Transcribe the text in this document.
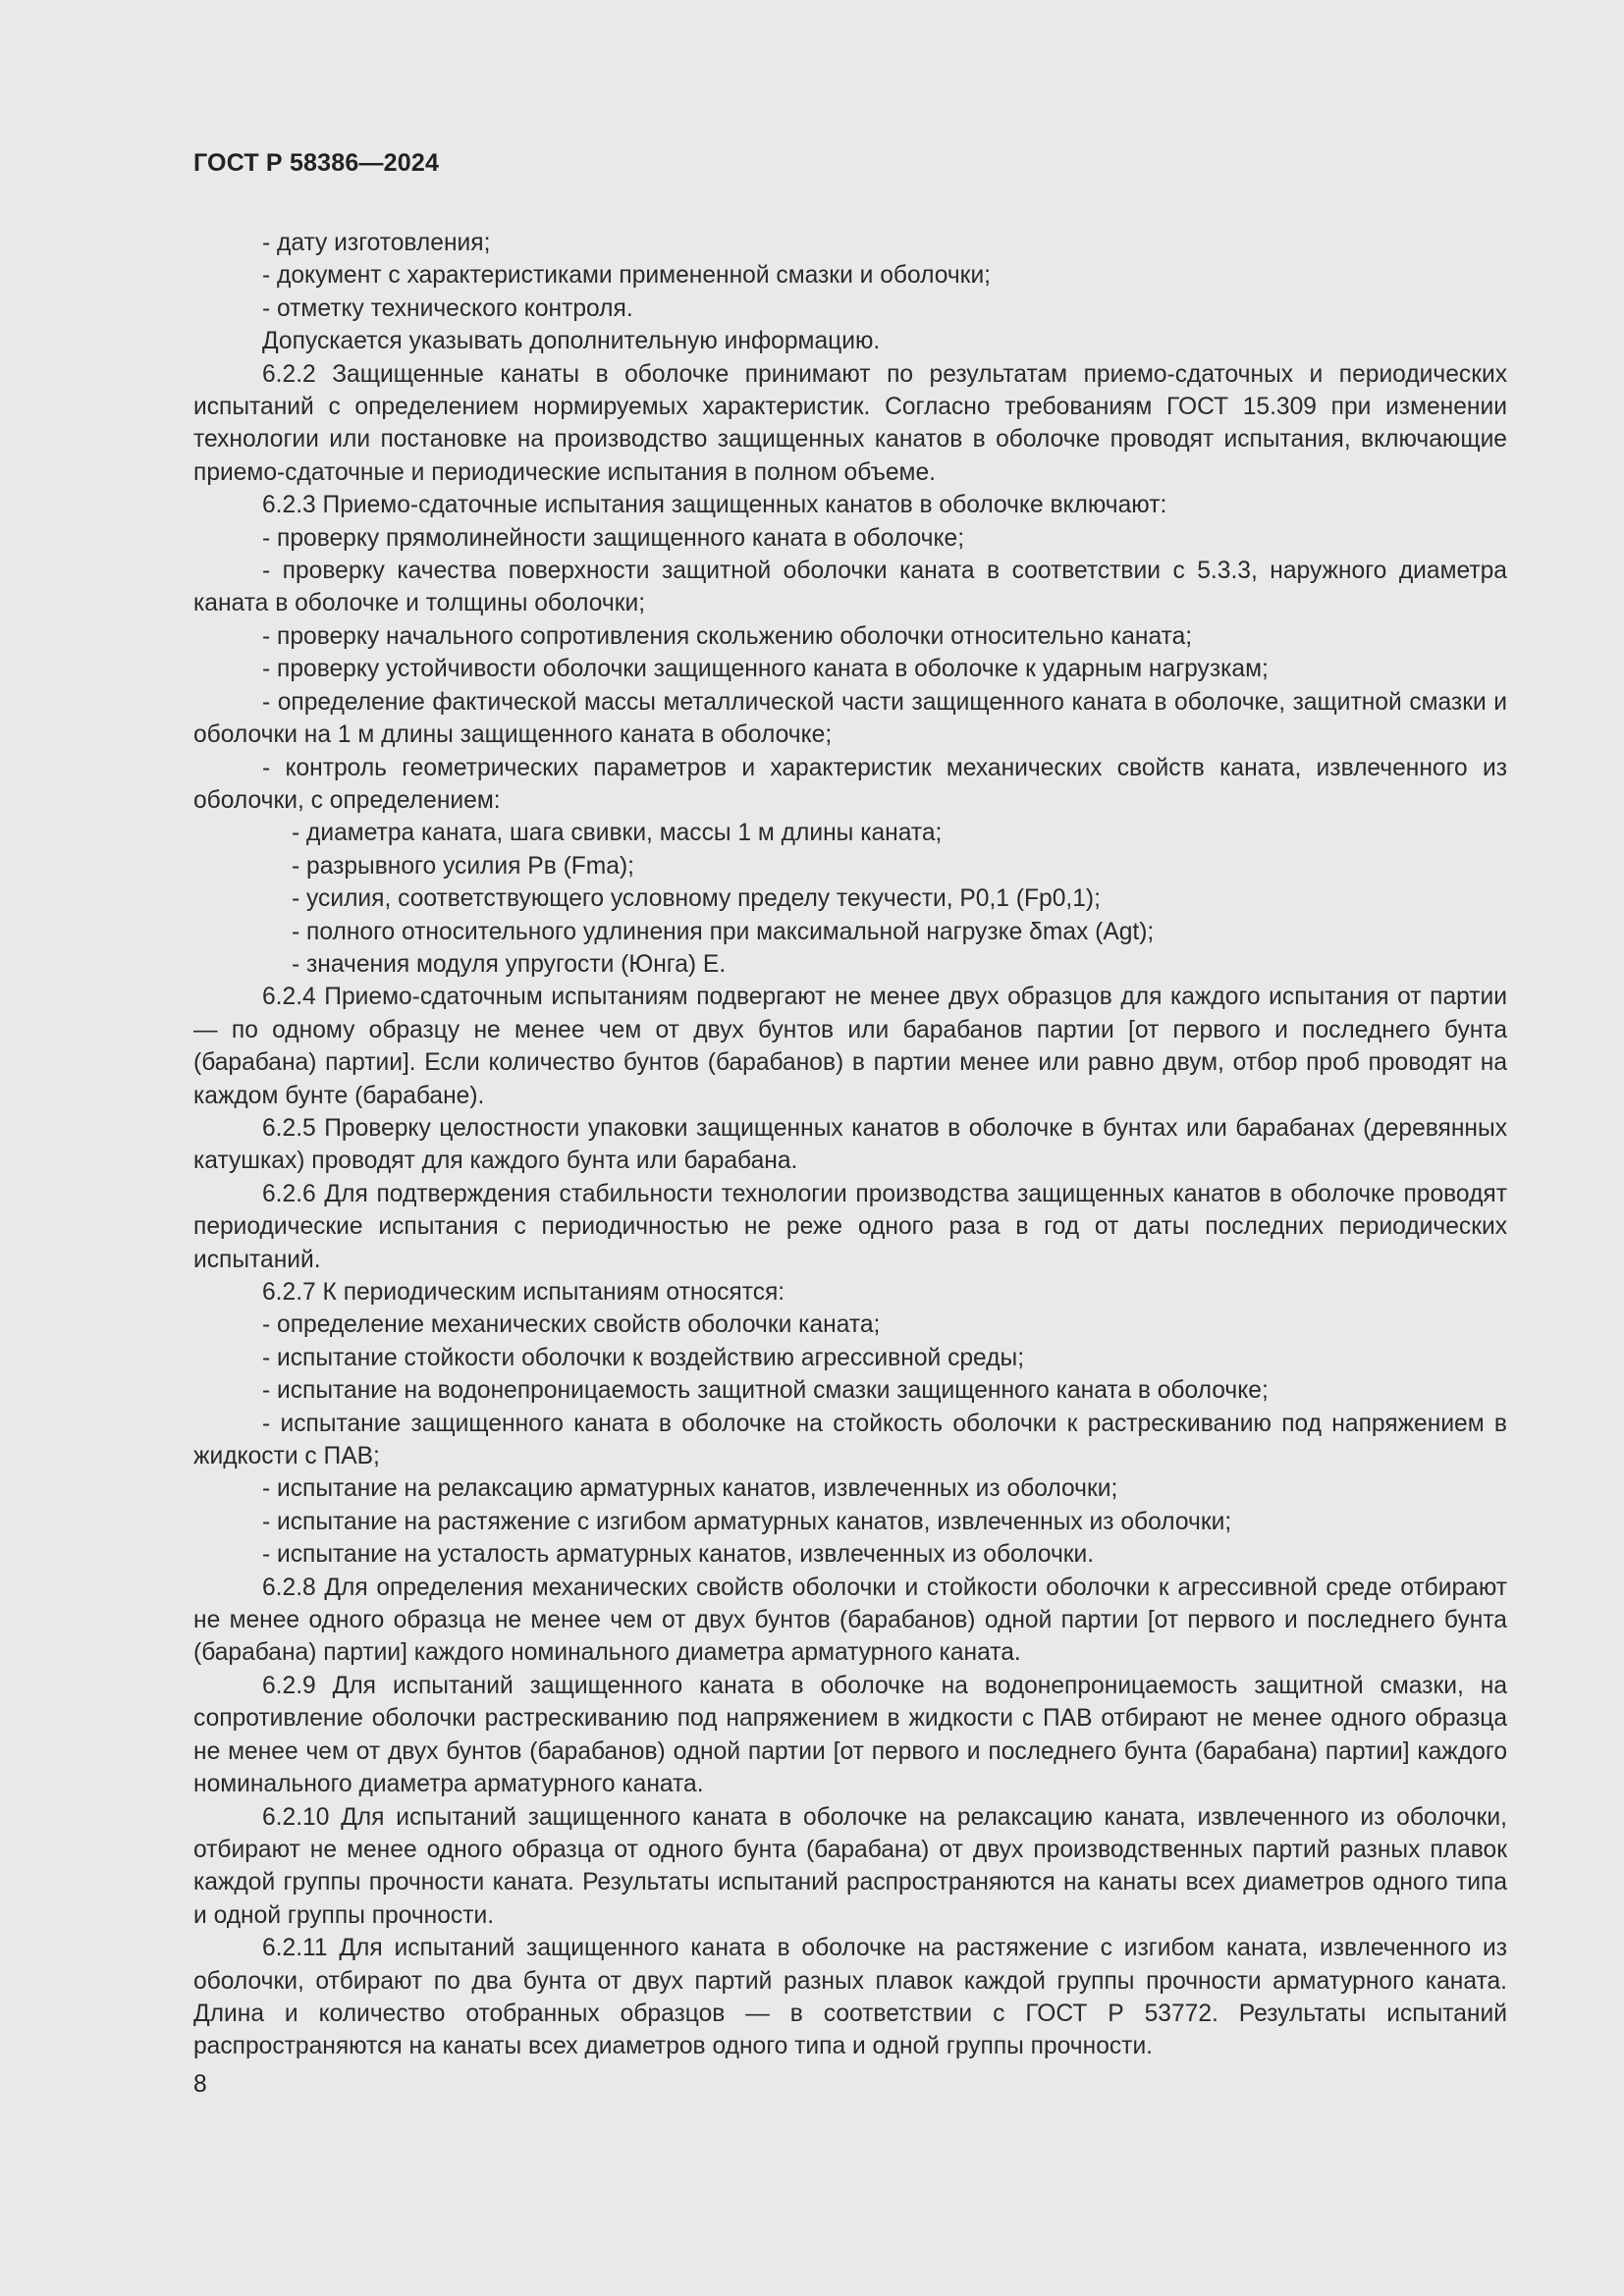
ГОСТ Р 58386—2024

- дату изготовления;

- документ с характеристиками примененной смазки и оболочки;

- отметку технического контроля.

Допускается указывать дополнительную информацию.

6.2.2 Защищенные канаты в оболочке принимают по результатам приемо-сдаточных и периодических испытаний с определением нормируемых характеристик. Согласно требованиям ГОСТ 15.309 при изменении технологии или постановке на производство защищенных канатов в оболочке проводят испытания, включающие приемо-сдаточные и периодические испытания в полном объеме.

6.2.3 Приемо-сдаточные испытания защищенных канатов в оболочке включают:

- проверку прямолинейности защищенного каната в оболочке;

- проверку качества поверхности защитной оболочки каната в соответствии с 5.3.3, наружного диаметра каната в оболочке и толщины оболочки;

- проверку начального сопротивления скольжению оболочки относительно каната;

- проверку устойчивости оболочки защищенного каната в оболочке к ударным нагрузкам;

- определение фактической массы металлической части защищенного каната в оболочке, защитной смазки и оболочки на 1 м длины защищенного каната в оболочке;

- контроль геометрических параметров и характеристик механических свойств каната, извлеченного из оболочки, с определением:

- диаметра каната, шага свивки, массы 1 м длины каната;

- разрывного усилия Pв (Fma);

- усилия, соответствующего условному пределу текучести, P0,1 (Fp0,1);

- полного относительного удлинения при максимальной нагрузке δmax (Agt);

- значения модуля упругости (Юнга) E.

6.2.4 Приемо-сдаточным испытаниям подвергают не менее двух образцов для каждого испытания от партии — по одному образцу не менее чем от двух бунтов или барабанов партии [от первого и последнего бунта (барабана) партии]. Если количество бунтов (барабанов) в партии менее или равно двум, отбор проб проводят на каждом бунте (барабане).

6.2.5 Проверку целостности упаковки защищенных канатов в оболочке в бунтах или барабанах (деревянных катушках) проводят для каждого бунта или барабана.

6.2.6 Для подтверждения стабильности технологии производства защищенных канатов в оболочке проводят периодические испытания с периодичностью не реже одного раза в год от даты последних периодических испытаний.

6.2.7 К периодическим испытаниям относятся:

- определение механических свойств оболочки каната;

- испытание стойкости оболочки к воздействию агрессивной среды;

- испытание на водонепроницаемость защитной смазки защищенного каната в оболочке;

- испытание защищенного каната в оболочке на стойкость оболочки к растрескиванию под напряжением в жидкости с ПАВ;

- испытание на релаксацию арматурных канатов, извлеченных из оболочки;

- испытание на растяжение с изгибом арматурных канатов, извлеченных из оболочки;

- испытание на усталость арматурных канатов, извлеченных из оболочки.

6.2.8 Для определения механических свойств оболочки и стойкости оболочки к агрессивной среде отбирают не менее одного образца не менее чем от двух бунтов (барабанов) одной партии [от первого и последнего бунта (барабана) партии] каждого номинального диаметра арматурного каната.

6.2.9 Для испытаний защищенного каната в оболочке на водонепроницаемость защитной смазки, на сопротивление оболочки растрескиванию под напряжением в жидкости с ПАВ отбирают не менее одного образца не менее чем от двух бунтов (барабанов) одной партии [от первого и последнего бунта (барабана) партии] каждого номинального диаметра арматурного каната.

6.2.10 Для испытаний защищенного каната в оболочке на релаксацию каната, извлеченного из оболочки, отбирают не менее одного образца от одного бунта (барабана) от двух производственных партий разных плавок каждой группы прочности каната. Результаты испытаний распространяются на канаты всех диаметров одного типа и одной группы прочности.

6.2.11 Для испытаний защищенного каната в оболочке на растяжение с изгибом каната, извлеченного из оболочки, отбирают по два бунта от двух партий разных плавок каждой группы прочности арматурного каната. Длина и количество отобранных образцов — в соответствии с ГОСТ Р 53772. Результаты испытаний распространяются на канаты всех диаметров одного типа и одной группы прочности.

8
